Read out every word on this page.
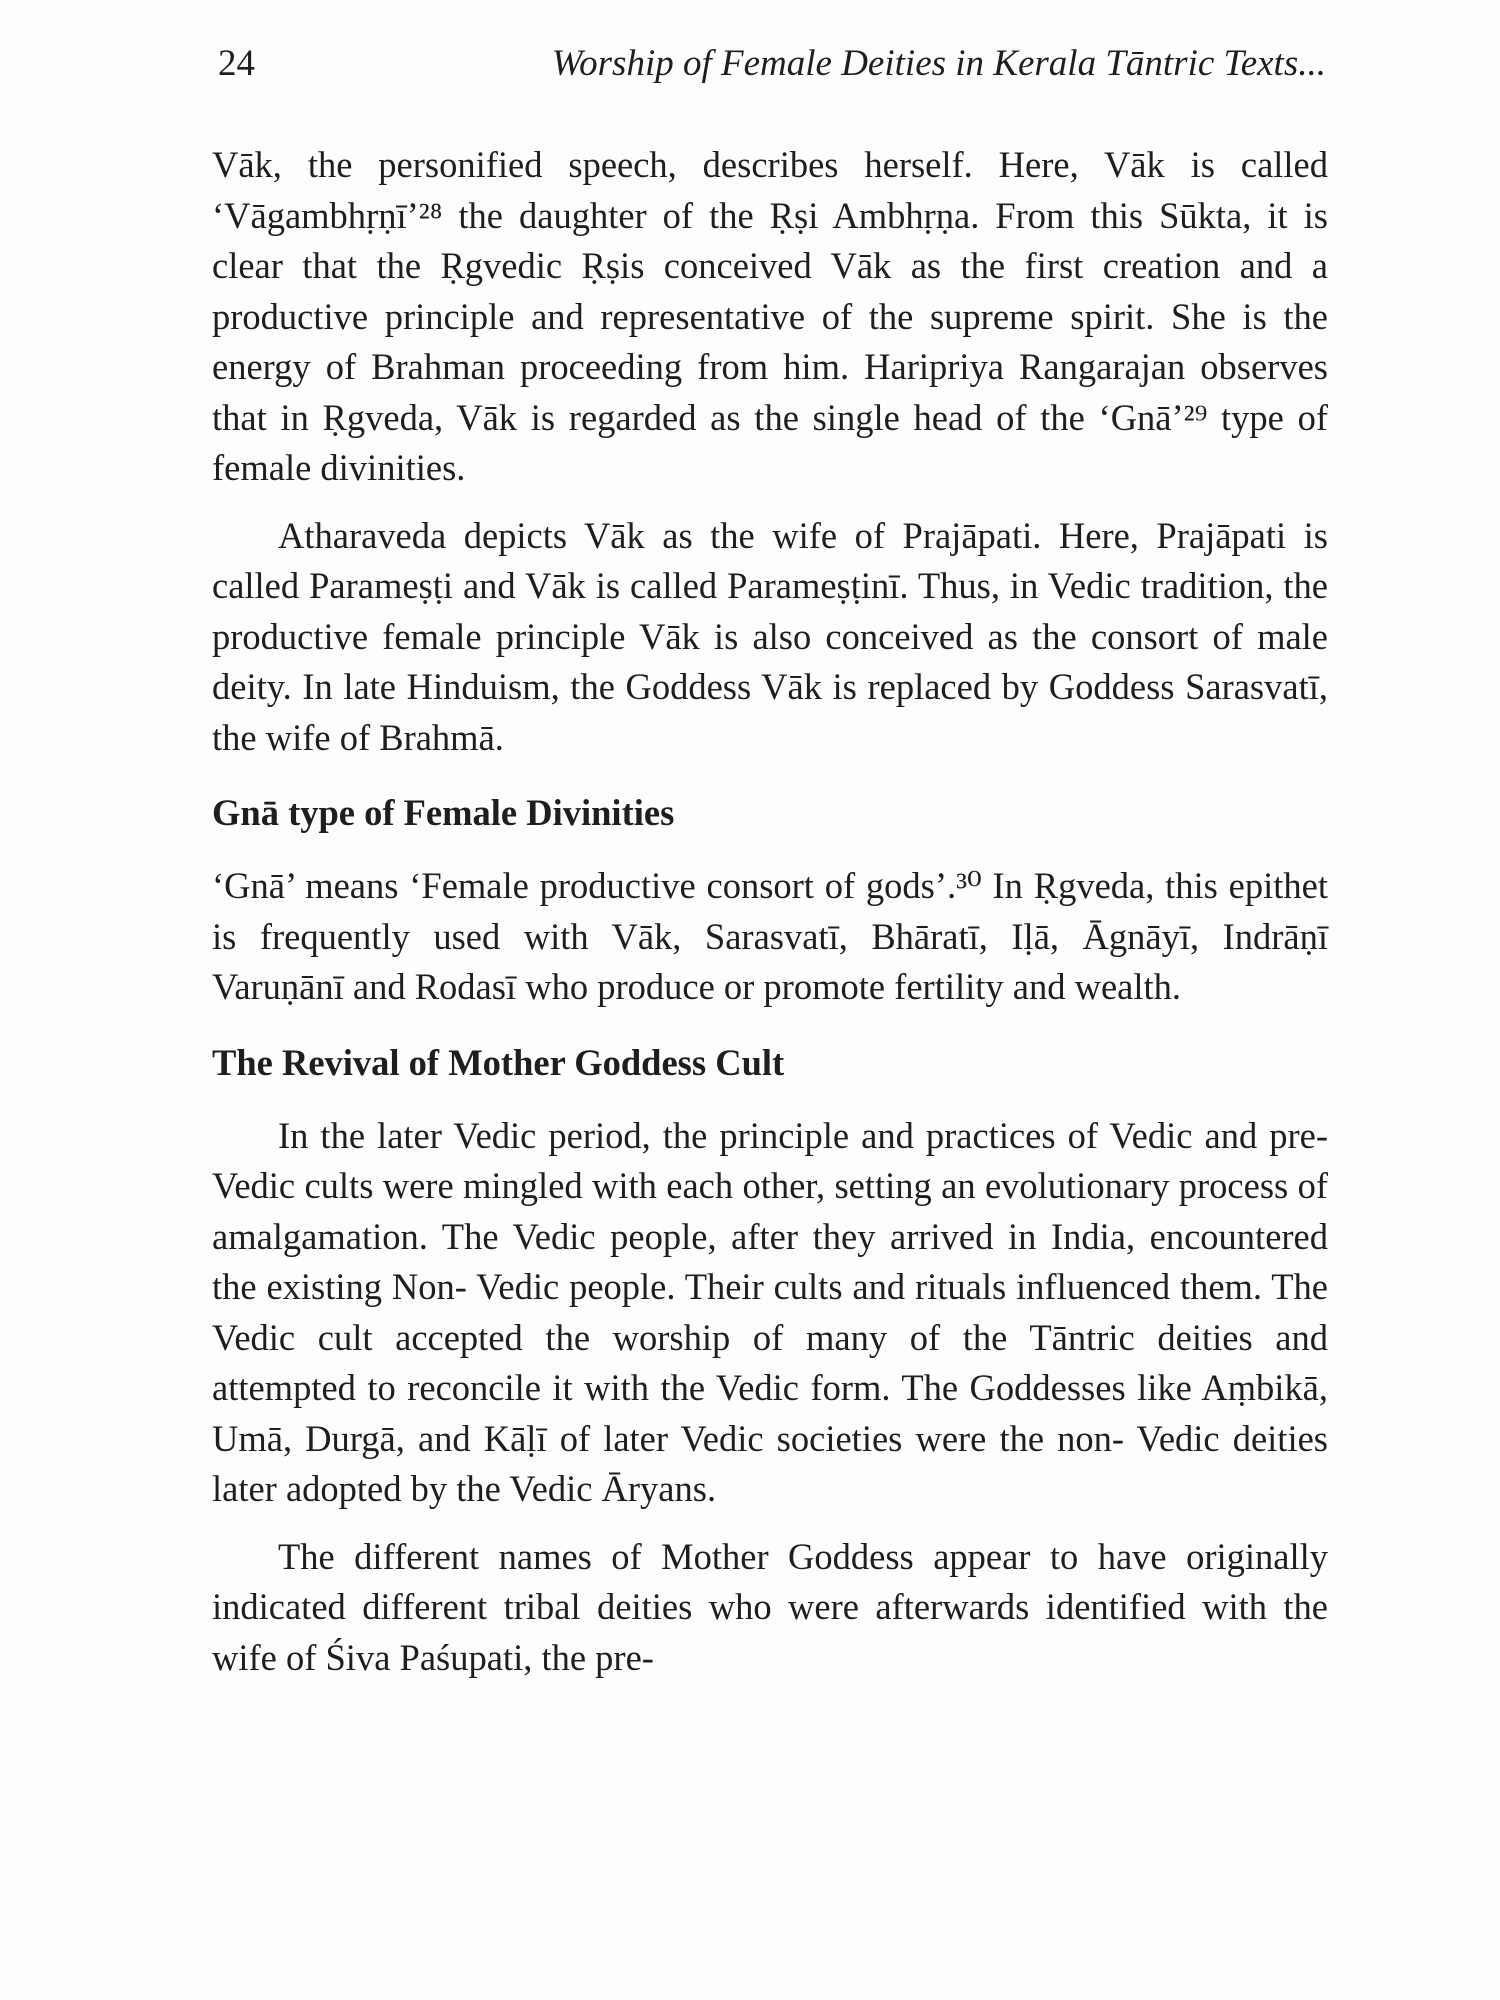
24	Worship of Female Deities in Kerala Tāntric Texts...

Vāk, the personified speech, describes herself. Here, Vāk is called ‘Vāgambhṛṇī’²⁸ the daughter of the Ṛṣi Ambhṛṇa. From this Sūkta, it is clear that the Ṛgvedic Ṛṣis conceived Vāk as the first creation and a productive principle and representative of the supreme spirit. She is the energy of Brahman proceeding from him. Haripriya Rangarajan observes that in Ṛgveda, Vāk is regarded as the single head of the ‘Gnā’²⁹ type of female divinities.

Atharaveda depicts Vāk as the wife of Prajāpati. Here, Prajāpati is called Parameṣṭi and Vāk is called Parameṣṭinī. Thus, in Vedic tradition, the productive female principle Vāk is also conceived as the consort of male deity. In late Hinduism, the Goddess Vāk is replaced by Goddess Sarasvatī, the wife of Brahmā.

Gnā type of Female Divinities

‘Gnā’ means ‘Female productive consort of gods’.³⁰ In Ṛgveda, this epithet is frequently used with Vāk, Sarasvatī, Bhāratī, Iḷā, Āgnāyī, Indrāṇī Varuṇānī and Rodasī who produce or promote fertility and wealth.

The Revival of Mother Goddess Cult

In the later Vedic period, the principle and practices of Vedic and pre-Vedic cults were mingled with each other, setting an evolutionary process of amalgamation. The Vedic people, after they arrived in India, encountered the existing Non- Vedic people. Their cults and rituals influenced them. The Vedic cult accepted the worship of many of the Tāntric deities and attempted to reconcile it with the Vedic form. The Goddesses like Aṃbikā, Umā, Durgā, and Kāḷī of later Vedic societies were the non- Vedic deities later adopted by the Vedic Āryans.

The different names of Mother Goddess appear to have originally indicated different tribal deities who were afterwards identified with the wife of Śiva Paśupati, the pre-
